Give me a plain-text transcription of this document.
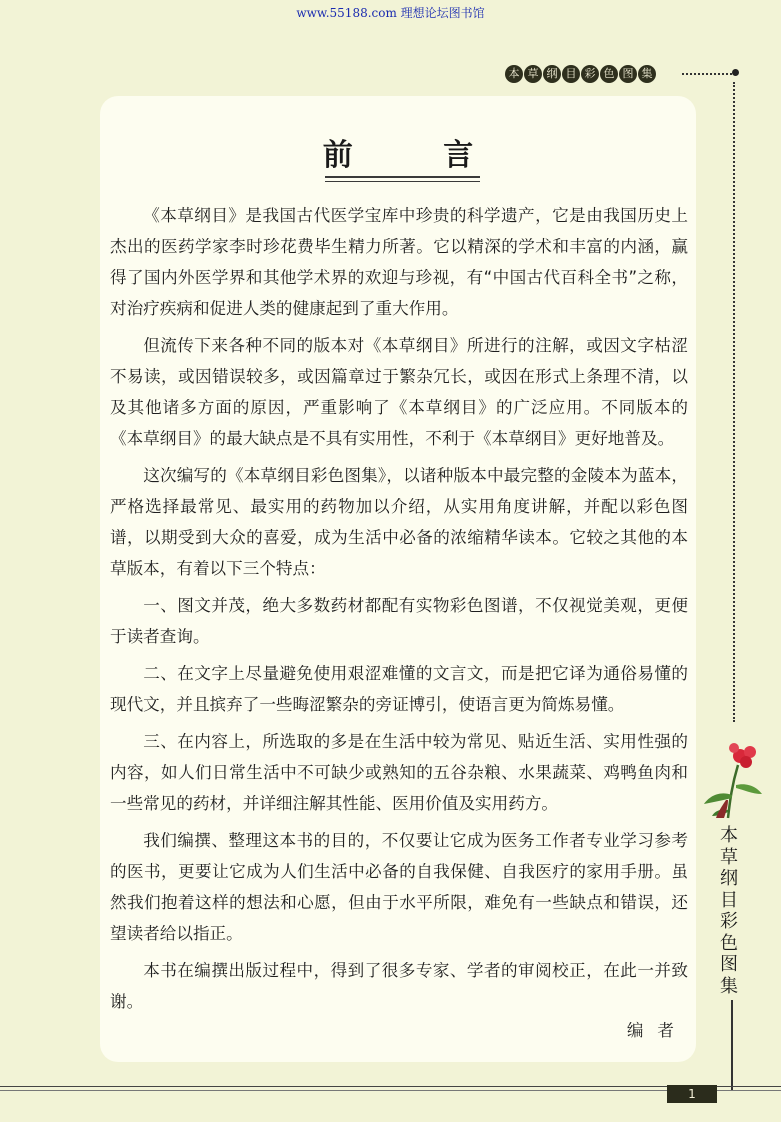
www.55188.com 理想论坛图书馆
本 草 纲 目 彩 色 图 集
前 言

《本草纲目》是我国古代医学宝库中珍贵的科学遗产，它是由我国历史上杰出的医药学家李时珍花费毕生精力所著。它以精深的学术和丰富的内涵，赢得了国内外医学界和其他学术界的欢迎与珍视，有“中国古代百科全书”之称，对治疗疾病和促进人类的健康起到了重大作用。

但流传下来各种不同的版本对《本草纲目》所进行的注解，或因文字枯涩不易读，或因错误较多，或因篇章过于繁杂冗长，或因在形式上条理不清，以及其他诸多方面的原因，严重影响了《本草纲目》的广泛应用。不同版本的《本草纲目》的最大缺点是不具有实用性，不利于《本草纲目》更好地普及。

这次编写的《本草纲目彩色图集》，以诸种版本中最完整的金陵本为蓝本，严格选择最常见、最实用的药物加以介绍，从实用角度讲解，并配以彩色图谱，以期受到大众的喜爱，成为生活中必备的浓缩精华读本。它较之其他的本草版本，有着以下三个特点：

一、图文并茂，绝大多数药材都配有实物彩色图谱，不仅视觉美观，更便于读者查询。

二、在文字上尽量避免使用艰涩难懂的文言文，而是把它译为通俗易懂的现代文，并且摈弃了一些晦涩繁杂的旁证博引，使语言更为简炼易懂。

三、在内容上，所选取的多是在生活中较为常见、贴近生活、实用性强的内容，如人们日常生活中不可缺少或熟知的五谷杂粮、水果蔬菜、鸡鸭鱼肉和一些常见的药材，并详细注解其性能、医用价值及实用药方。

我们编撰、整理这本书的目的，不仅要让它成为医务工作者专业学习参考的医书，更要让它成为人们生活中必备的自我保健、自我医疗的家用手册。虽然我们抱着这样的想法和心愿，但由于水平所限，难免有一些缺点和错误，还望读者给以指正。

本书在编撰出版过程中，得到了很多专家、学者的审阅校正，在此一并致谢。

编者
本
草
纲
目
彩
色
图
集
1
